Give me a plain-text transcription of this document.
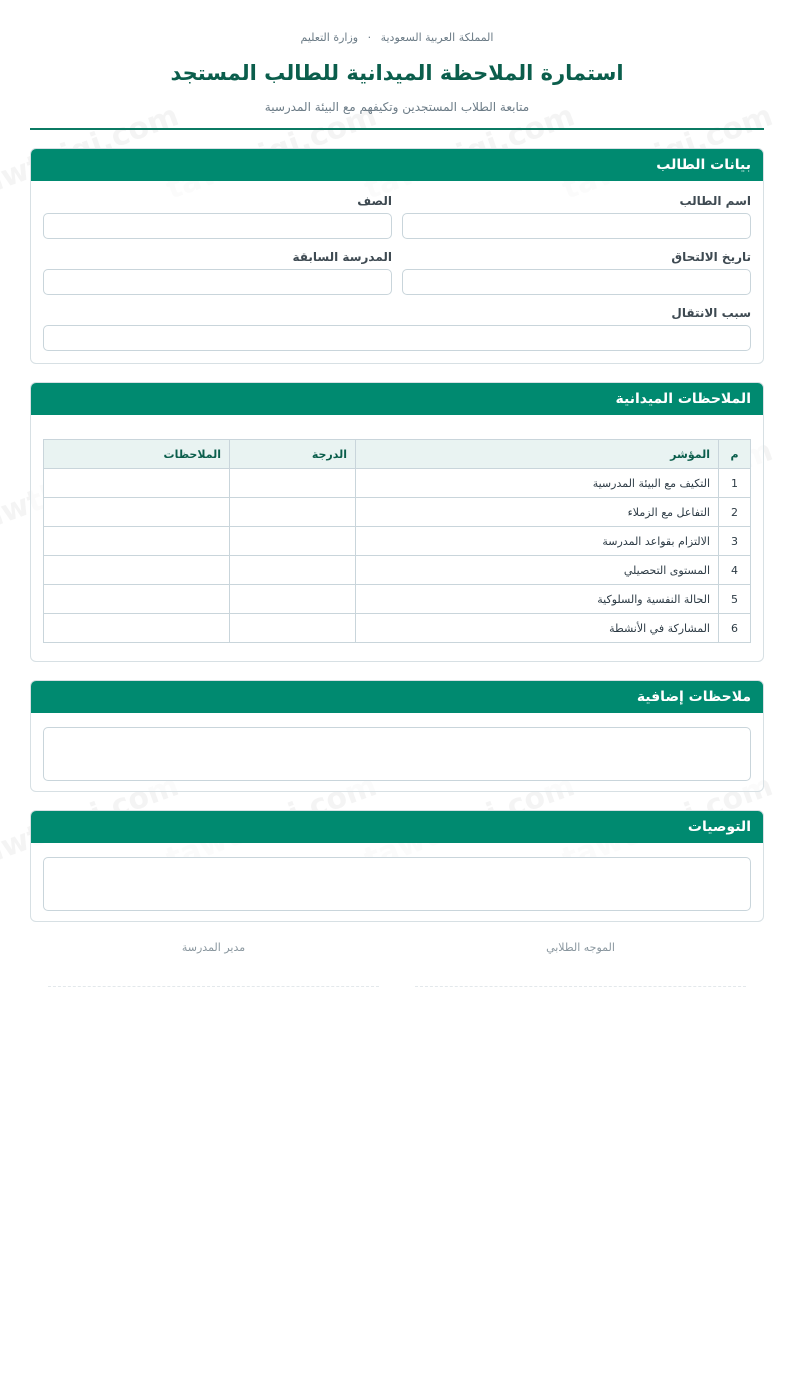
المملكة العربية السعودية · وزارة التعليم
استمارة الملاحظة الميدانية للطالب المستجد
متابعة الطلاب المستجدين وتكيفهم مع البيئة المدرسية
بيانات الطالب
اسم الطالب
الصف
تاريخ الالتحاق
المدرسة السابقة
سبب الانتقال
الملاحظات الميدانية
م	المؤشر	الدرجة	الملاحظات
1	التكيف مع البيئة المدرسية		
2	التفاعل مع الزملاء		
3	الالتزام بقواعد المدرسة		
4	المستوى التحصيلي		
5	الحالة النفسية والسلوكية		
6	المشاركة في الأنشطة		
ملاحظات إضافية
التوصيات
الموجه الطلابي
مدير المدرسة
